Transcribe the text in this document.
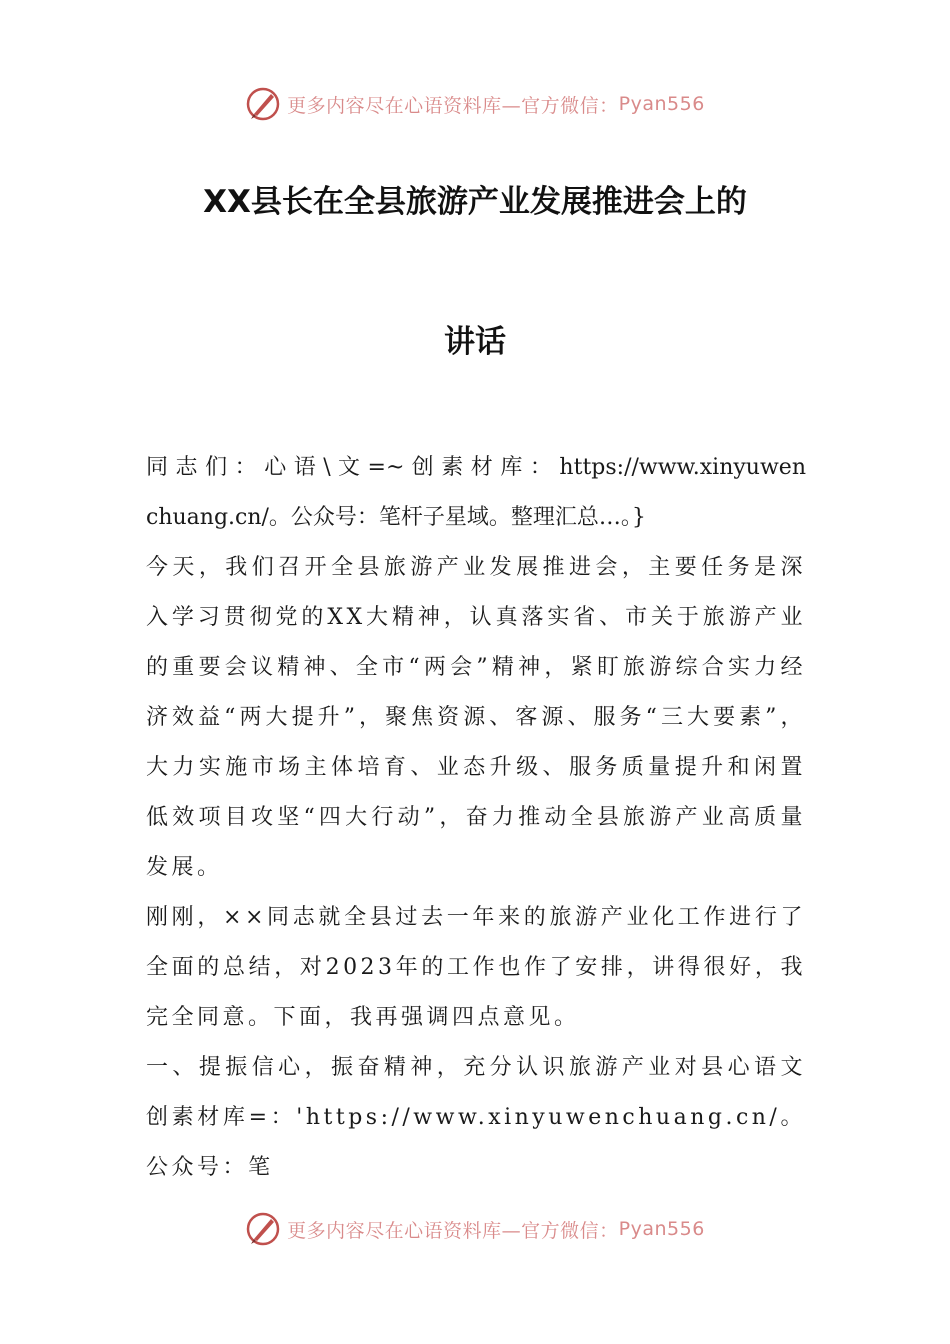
更多内容尽在心语资料库—官方微信： Pyan556
XX县长在全县旅游产业发展推进会上的
讲话

同 志 们 ： 心 语 \ 文 =~ 创 素 材 库 ： https://www.xinyuwenchuang.cn/。公众号：笔杆子星域。整理汇总…。}

今天，我们召开全县旅游产业发展推进会，主要任务是深入学习贯彻党的XX大精神，认真落实省、市关于旅游产业的重要会议精神、全市“两会”精神，紧盯旅游综合实力经济效益“两大提升”，聚焦资源、客源、服务“三大要素”，大力实施市场主体培育、业态升级、服务质量提升和闲置低效项目攻坚“四大行动”，奋力推动全县旅游产业高质量发展。

刚刚，××同志就全县过去一年来的旅游产业化工作进行了全面的总结，对2023年的工作也作了安排，讲得很好，我完全同意。下面，我再强调四点意见。

一、提振信心，振奋精神，充分认识旅游产业对县心语文创素材库=：'https://www.xinyuwenchuang.cn/。公众号：笔

更多内容尽在心语资料库—官方微信： Pyan556
